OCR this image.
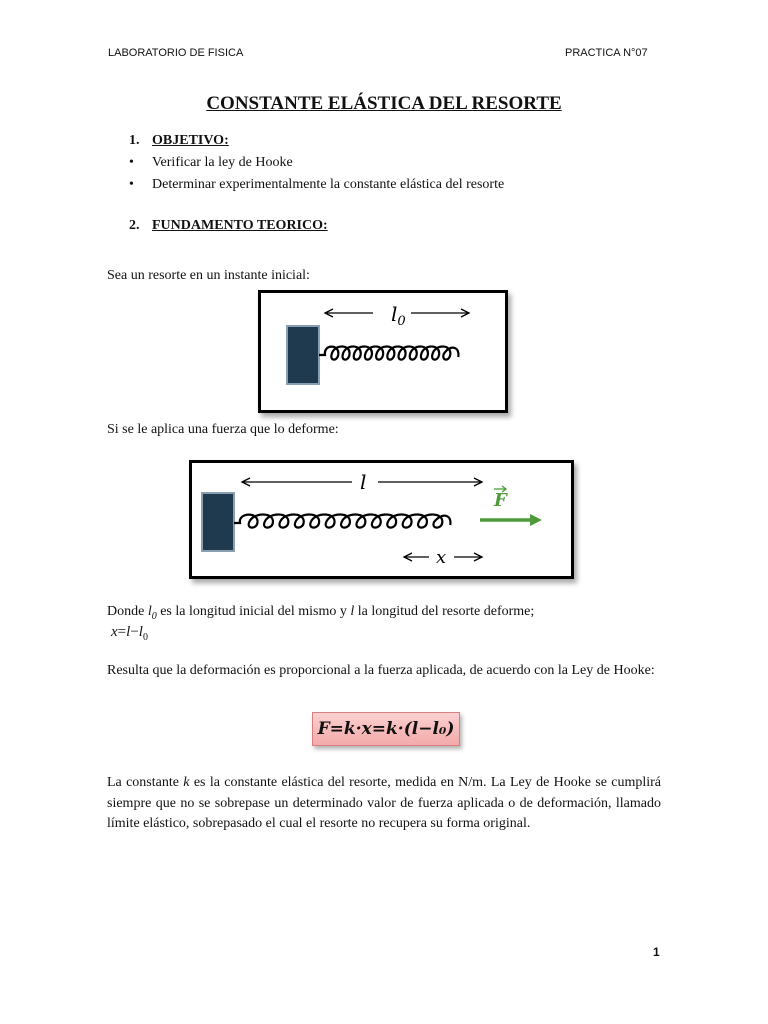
LABORATORIO DE FISICA	PRACTICA N°07
CONSTANTE ELÁSTICA DEL RESORTE
1. OBJETIVO:
• Verificar la ley de Hooke
• Determinar experimentalmente la constante elástica del resorte
2. FUNDAMENTO TEORICO:
Sea un resorte en un instante inicial:
$l_0$
Si se le aplica una fuerza que lo deforme:
l
F
x
Donde $l_0$ es la longitud inicial del mismo y l la longitud del resorte deforme;
$x=l-l_0$
Resulta que la deformación es proporcional a la fuerza aplicada, de acuerdo con la Ley de Hooke:
F=k·x=k·(l−l₀)
La constante k es la constante elástica del resorte, medida en N/m. La Ley de Hooke se cumplirá siempre que no se sobrepase un determinado valor de fuerza aplicada o de deformación, llamado límite elástico, sobrepasado el cual el resorte no recupera su forma original.
1
